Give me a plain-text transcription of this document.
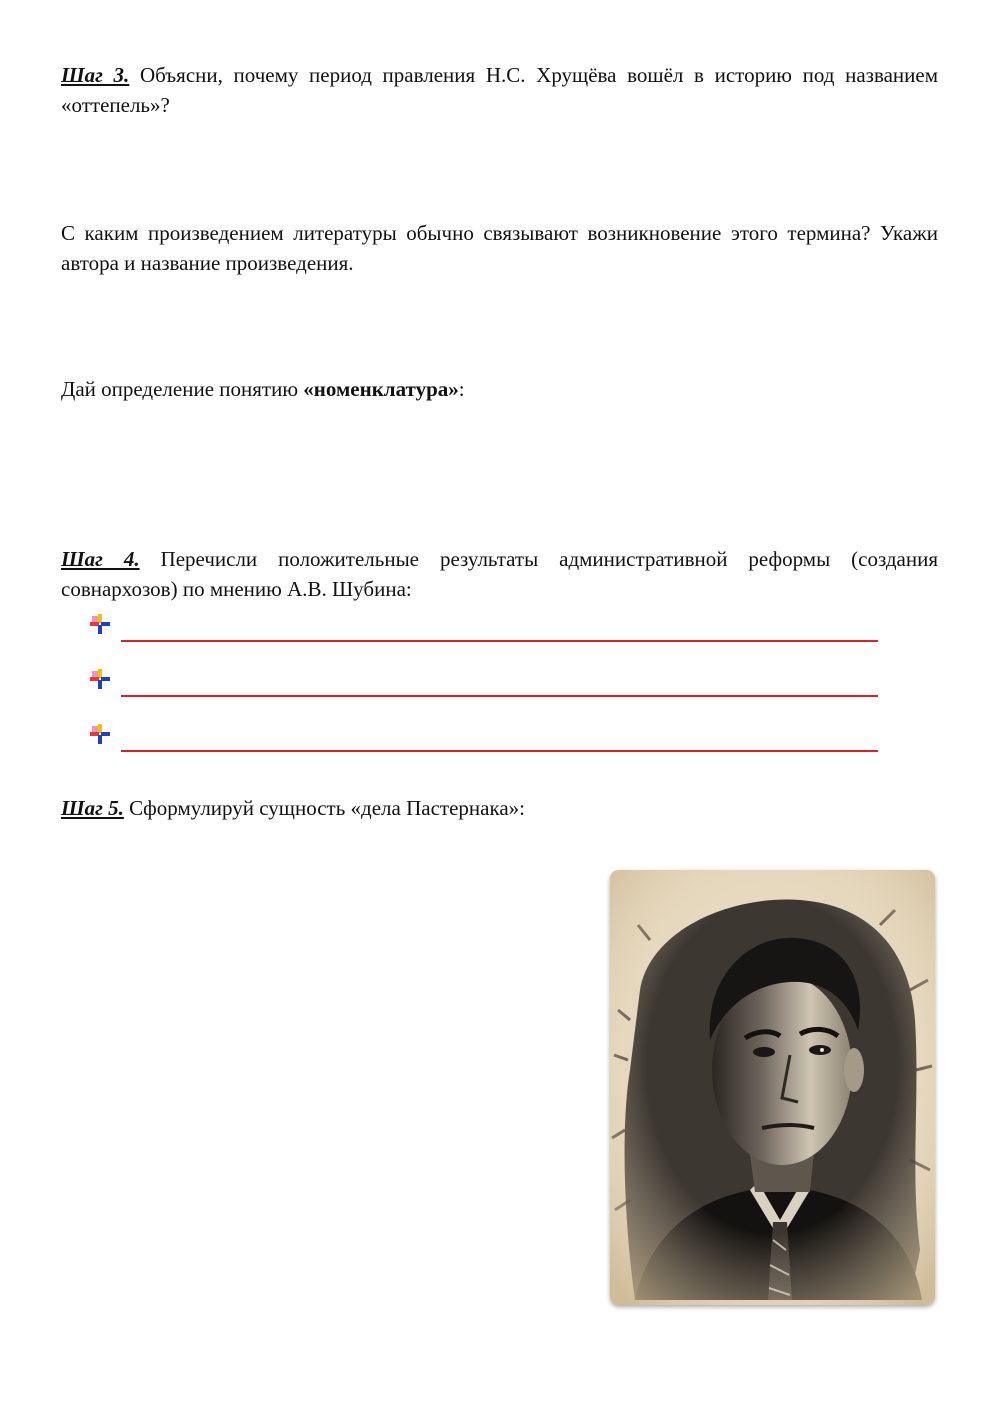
Шаг 3. Объясни, почему период правления Н.С. Хрущёва вошёл в историю под названием «оттепель»?
С каким произведением литературы обычно связывают возникновение этого термина? Укажи автора и название произведения.
Дай определение понятию «номенклатура»:
Шаг 4. Перечисли положительные результаты административной реформы (создания совнархозов) по мнению А.В. Шубина:
Шаг 5. Сформулируй сущность «дела Пастернака»:
